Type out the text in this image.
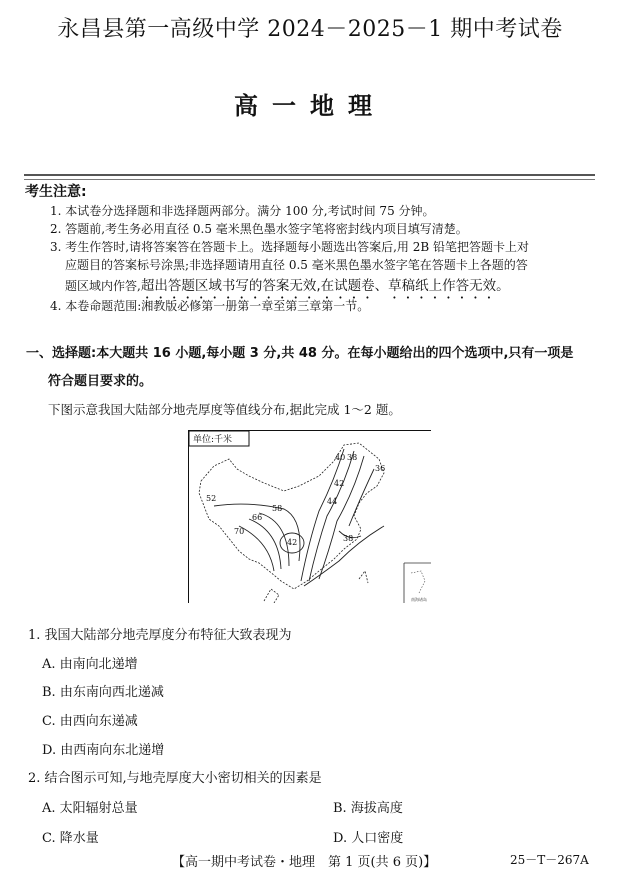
永昌县第一高级中学 2024－2025－1 期中考试卷
高一地理
考生注意:
1. 本试卷分选择题和非选择题两部分。满分 100 分,考试时间 75 分钟。
2. 答题前,考生务必用直径 0.5 毫米黑色墨水签字笔将密封线内项目填写清楚。
3. 考生作答时,请将答案答在答题卡上。选择题每小题选出答案后,用 2B 铅笔把答题卡上对
应题目的答案标号涂黑;非选择题请用直径 0.5 毫米黑色墨水签字笔在答题卡上各题的答
题区域内作答,超出答题区域书写的答案无效,在试题卷、草稿纸上作答无效。
4. 本卷命题范围:湘教版必修第一册第一章至第三章第一节。
一、选择题:本大题共 16 小题,每小题 3 分,共 48 分。在每小题给出的四个选项中,只有一项是
符合题目要求的。
下图示意我国大陆部分地壳厚度等值线分布,据此完成 1～2 题。
单位:千米
52
58
66
70
40 38
36
42
44
42	38
南海诸岛
1. 我国大陆部分地壳厚度分布特征大致表现为
A. 由南向北递增
B. 由东南向西北递减
C. 由西向东递减
D. 由西南向东北递增
2. 结合图示可知,与地壳厚度大小密切相关的因素是
A. 太阳辐射总量	B. 海拔高度
C. 降水量	D. 人口密度
【高一期中考试卷・地理　第 1 页(共 6 页)】	25－T－267A
